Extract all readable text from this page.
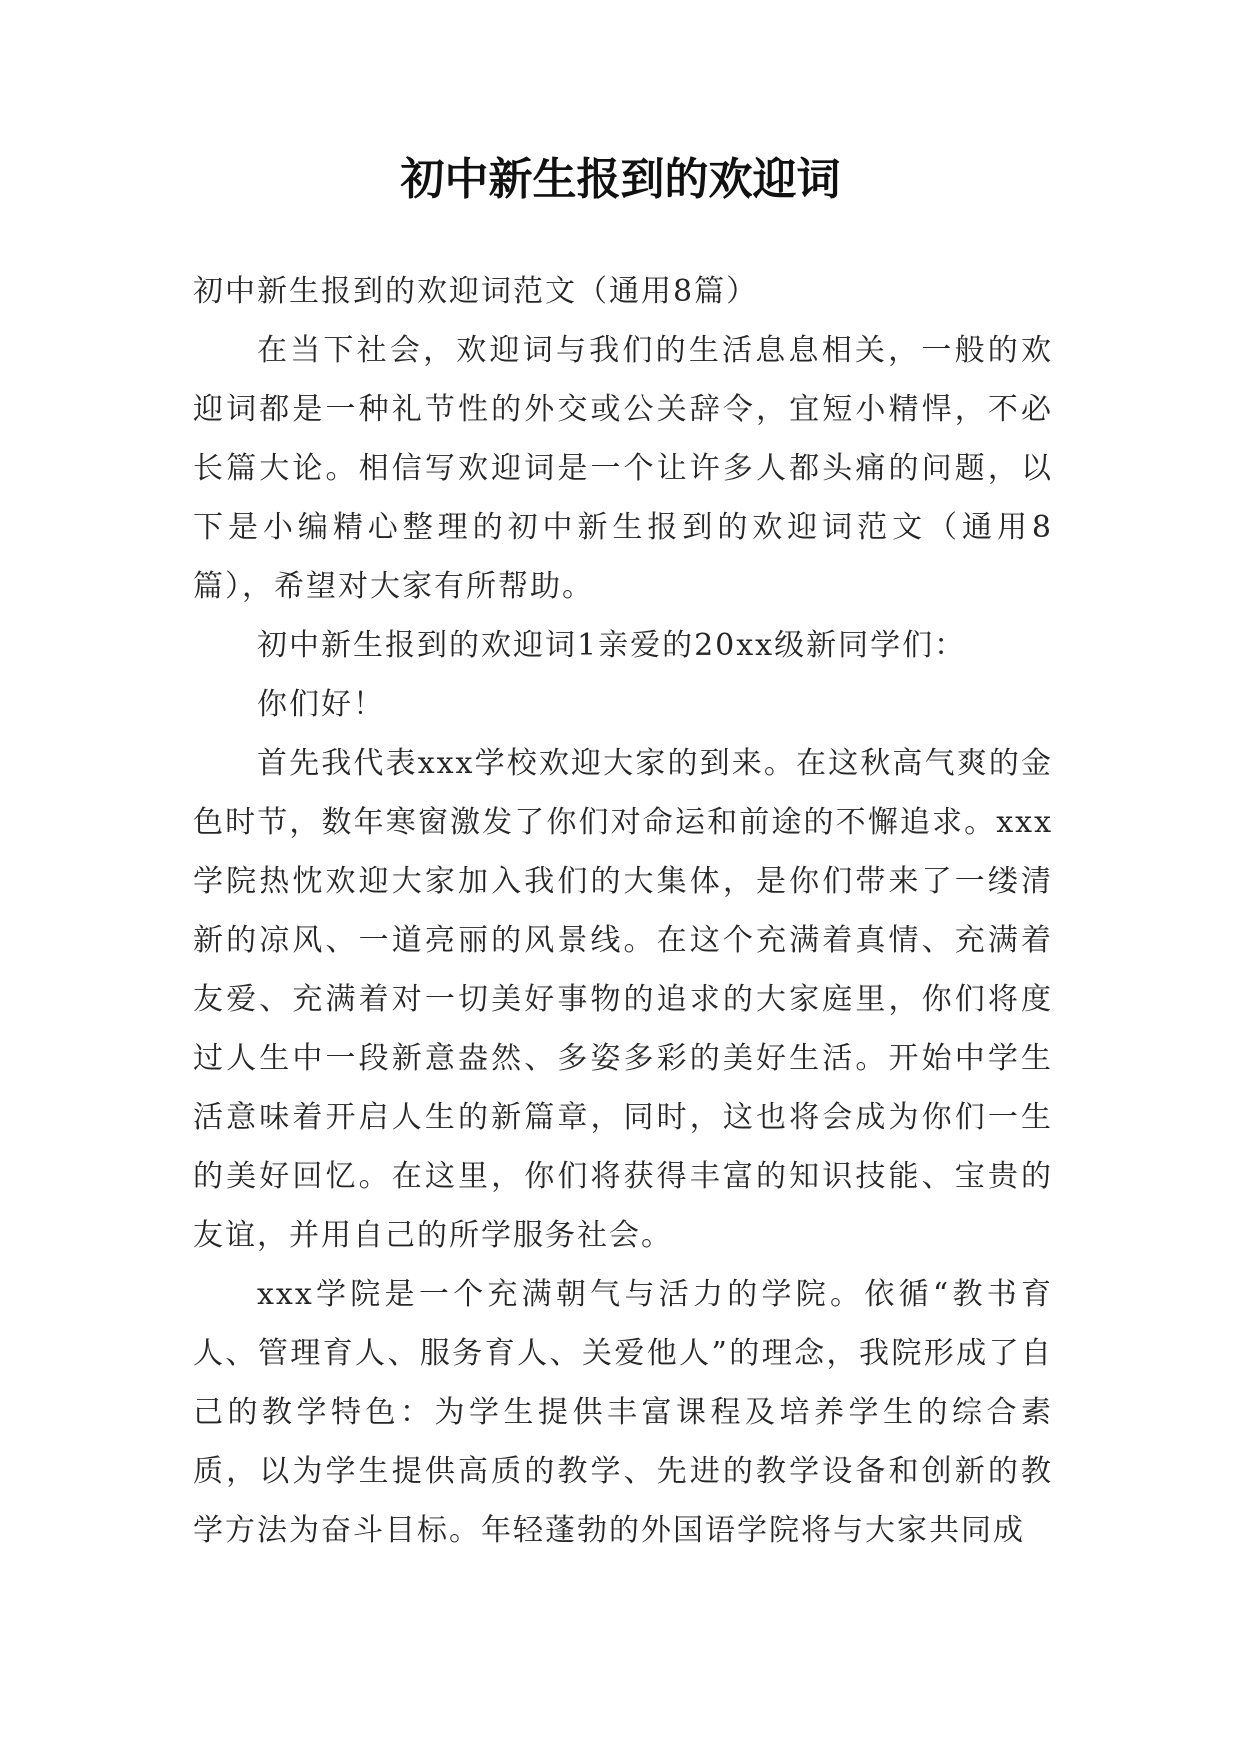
初中新生报到的欢迎词

初中新生报到的欢迎词范文（通用8篇）

在当下社会，欢迎词与我们的生活息息相关，一般的欢迎词都是一种礼节性的外交或公关辞令，宜短小精悍，不必长篇大论。相信写欢迎词是一个让许多人都头痛的问题，以下是小编精心整理的初中新生报到的欢迎词范文（通用8篇），希望对大家有所帮助。

初中新生报到的欢迎词1亲爱的20xx级新同学们：

你们好！

首先我代表xxx学校欢迎大家的到来。在这秋高气爽的金色时节，数年寒窗激发了你们对命运和前途的不懈追求。xxx学院热忱欢迎大家加入我们的大集体，是你们带来了一缕清新的凉风、一道亮丽的风景线。在这个充满着真情、充满着友爱、充满着对一切美好事物的追求的大家庭里，你们将度过人生中一段新意盎然、多姿多彩的美好生活。开始中学生活意味着开启人生的新篇章，同时，这也将会成为你们一生的美好回忆。在这里，你们将获得丰富的知识技能、宝贵的友谊，并用自己的所学服务社会。

xxx学院是一个充满朝气与活力的学院。依循“教书育人、管理育人、服务育人、关爱他人”的理念，我院形成了自己的教学特色：为学生提供丰富课程及培养学生的综合素质，以为学生提供高质的教学、先进的教学设备和创新的教学方法为奋斗目标。年轻蓬勃的外国语学院将与大家共同成
